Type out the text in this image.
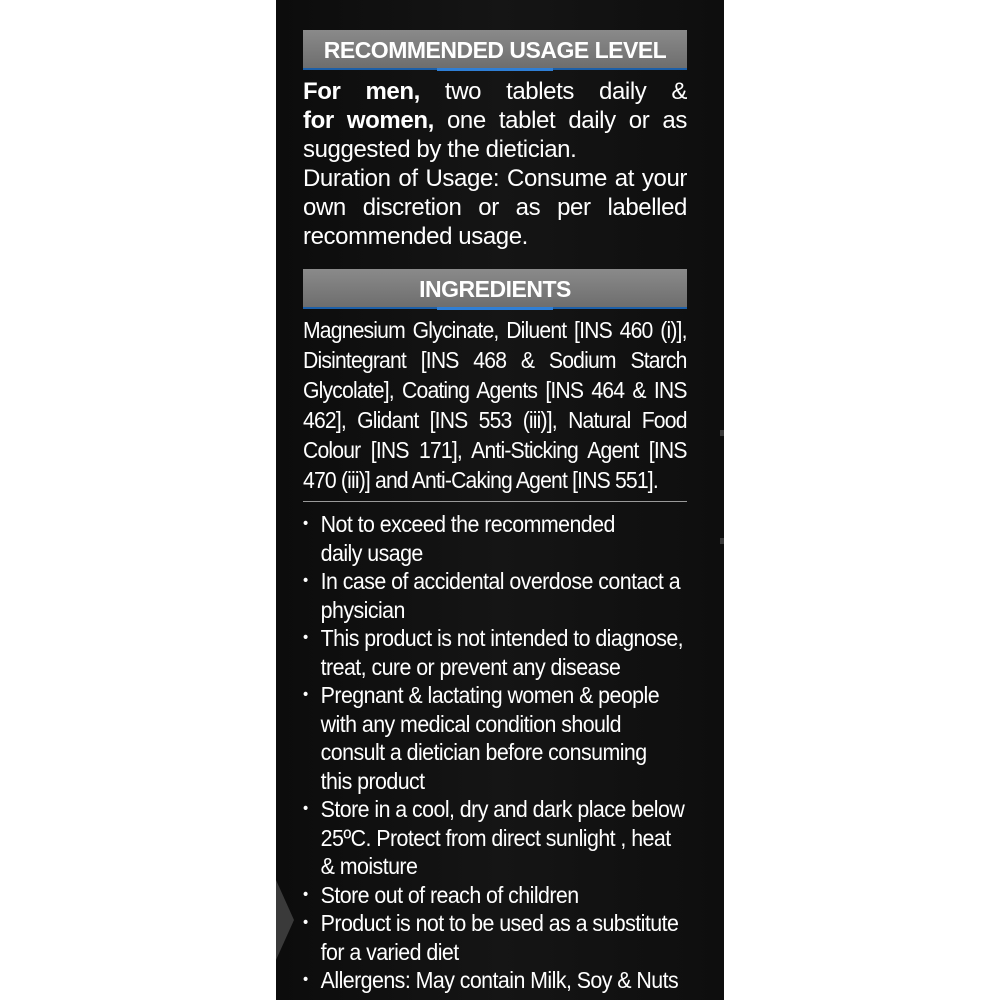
RECOMMENDED USAGE LEVEL
For men, two tablets daily &
for women, one tablet daily or as
suggested by the dietician.
Duration of Usage: Consume at your
own discretion or as per labelled
recommended usage.
INGREDIENTS
Magnesium Glycinate, Diluent [INS 460 (i)],
Disintegrant [INS 468 & Sodium Starch
Glycolate], Coating Agents [INS 464 & INS
462], Glidant [INS 553 (iii)], Natural Food
Colour [INS 171], Anti-Sticking Agent [INS
470 (iii)] and Anti-Caking Agent [INS 551].
• Not to exceed the recommended
daily usage
• In case of accidental overdose contact a
physician
• This product is not intended to diagnose,
treat, cure or prevent any disease
• Pregnant & lactating women & people
with any medical condition should
consult a dietician before consuming
this product
• Store in a cool, dry and dark place below
25ºC. Protect from direct sunlight , heat
& moisture
• Store out of reach of children
• Product is not to be used as a substitute
for a varied diet
• Allergens: May contain Milk, Soy & Nuts
